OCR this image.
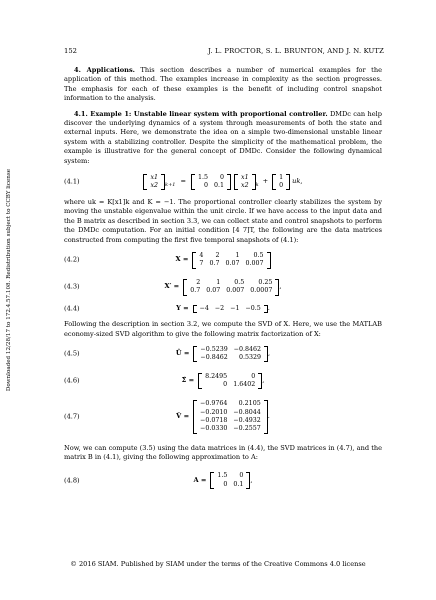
Downloaded 12/28/17 to 172.4.57.108. Redistribution subject to CCBY license
152	J. L. PROCTOR, S. L. BRUNTON, AND J. N. KUTZ

4. Applications. This section describes a number of numerical examples for the application of this method. The examples increase in complexity as the section progresses. The emphasis for each of these examples is the benefit of including control snapshot information to the analysis.

4.1. Example 1: Unstable linear system with proportional controller. DMDc can help discover the underlying dynamics of a system through measurements of both the state and external inputs. Here, we demonstrate the idea on a simple two-dimensional unstable linear system with a stabilizing controller. Despite the simplicity of the mathematical problem, the example is illustrative for the general concept of DMDc. Consider the following dynamical system:

(4.1)
x1
x2 $_{k+1}$ =
1.5	0
0	0.1
x1
x2 $_k$ +
1
0
uk,

where uk = K[x1]k and K = −1. The proportional controller clearly stabilizes the system by moving the unstable eigenvalue within the unit circle. If we have access to the input data and the B matrix as described in section 3.3, we can collect state and control snapshots to perform the DMDc computation. For an initial condition [4 7]T, the following are the data matrices constructed from computing the first five temporal snapshots of (4.1):

(4.2)	X =
4	2	1	0.5
7	0.7	0.07	0.007
(4.3)	X′ =
2	1	0.5	0.25
0.7	0.07	0.007	0.0007
,
(4.4)	Υ = −4	−2	−1	−0.5 .

Following the description in section 3.2, we compute the SVD of X. Here, we use the MATLAB economy-sized SVD algorithm to give the following matrix factorization of X:

(4.5)	Û =
−0.5239	−0.8462
−0.8462	0.5329
,
(4.6)	Σ̂ =
8.2495	0
0	1.6402
,
(4.7)	V̂ =
−0.9764	0.2105
−0.2010	−0.8044
−0.0718	−0.4932
−0.0330	−0.2557
.

Now, we can compute (3.5) using the data matrices in (4.4), the SVD matrices in (4.7), and the matrix B in (4.1), giving the following approximation to A:

(4.8)	A =
1.5	0
0	0.1
,
© 2016 SIAM. Published by SIAM under the terms of the Creative Commons 4.0 license
